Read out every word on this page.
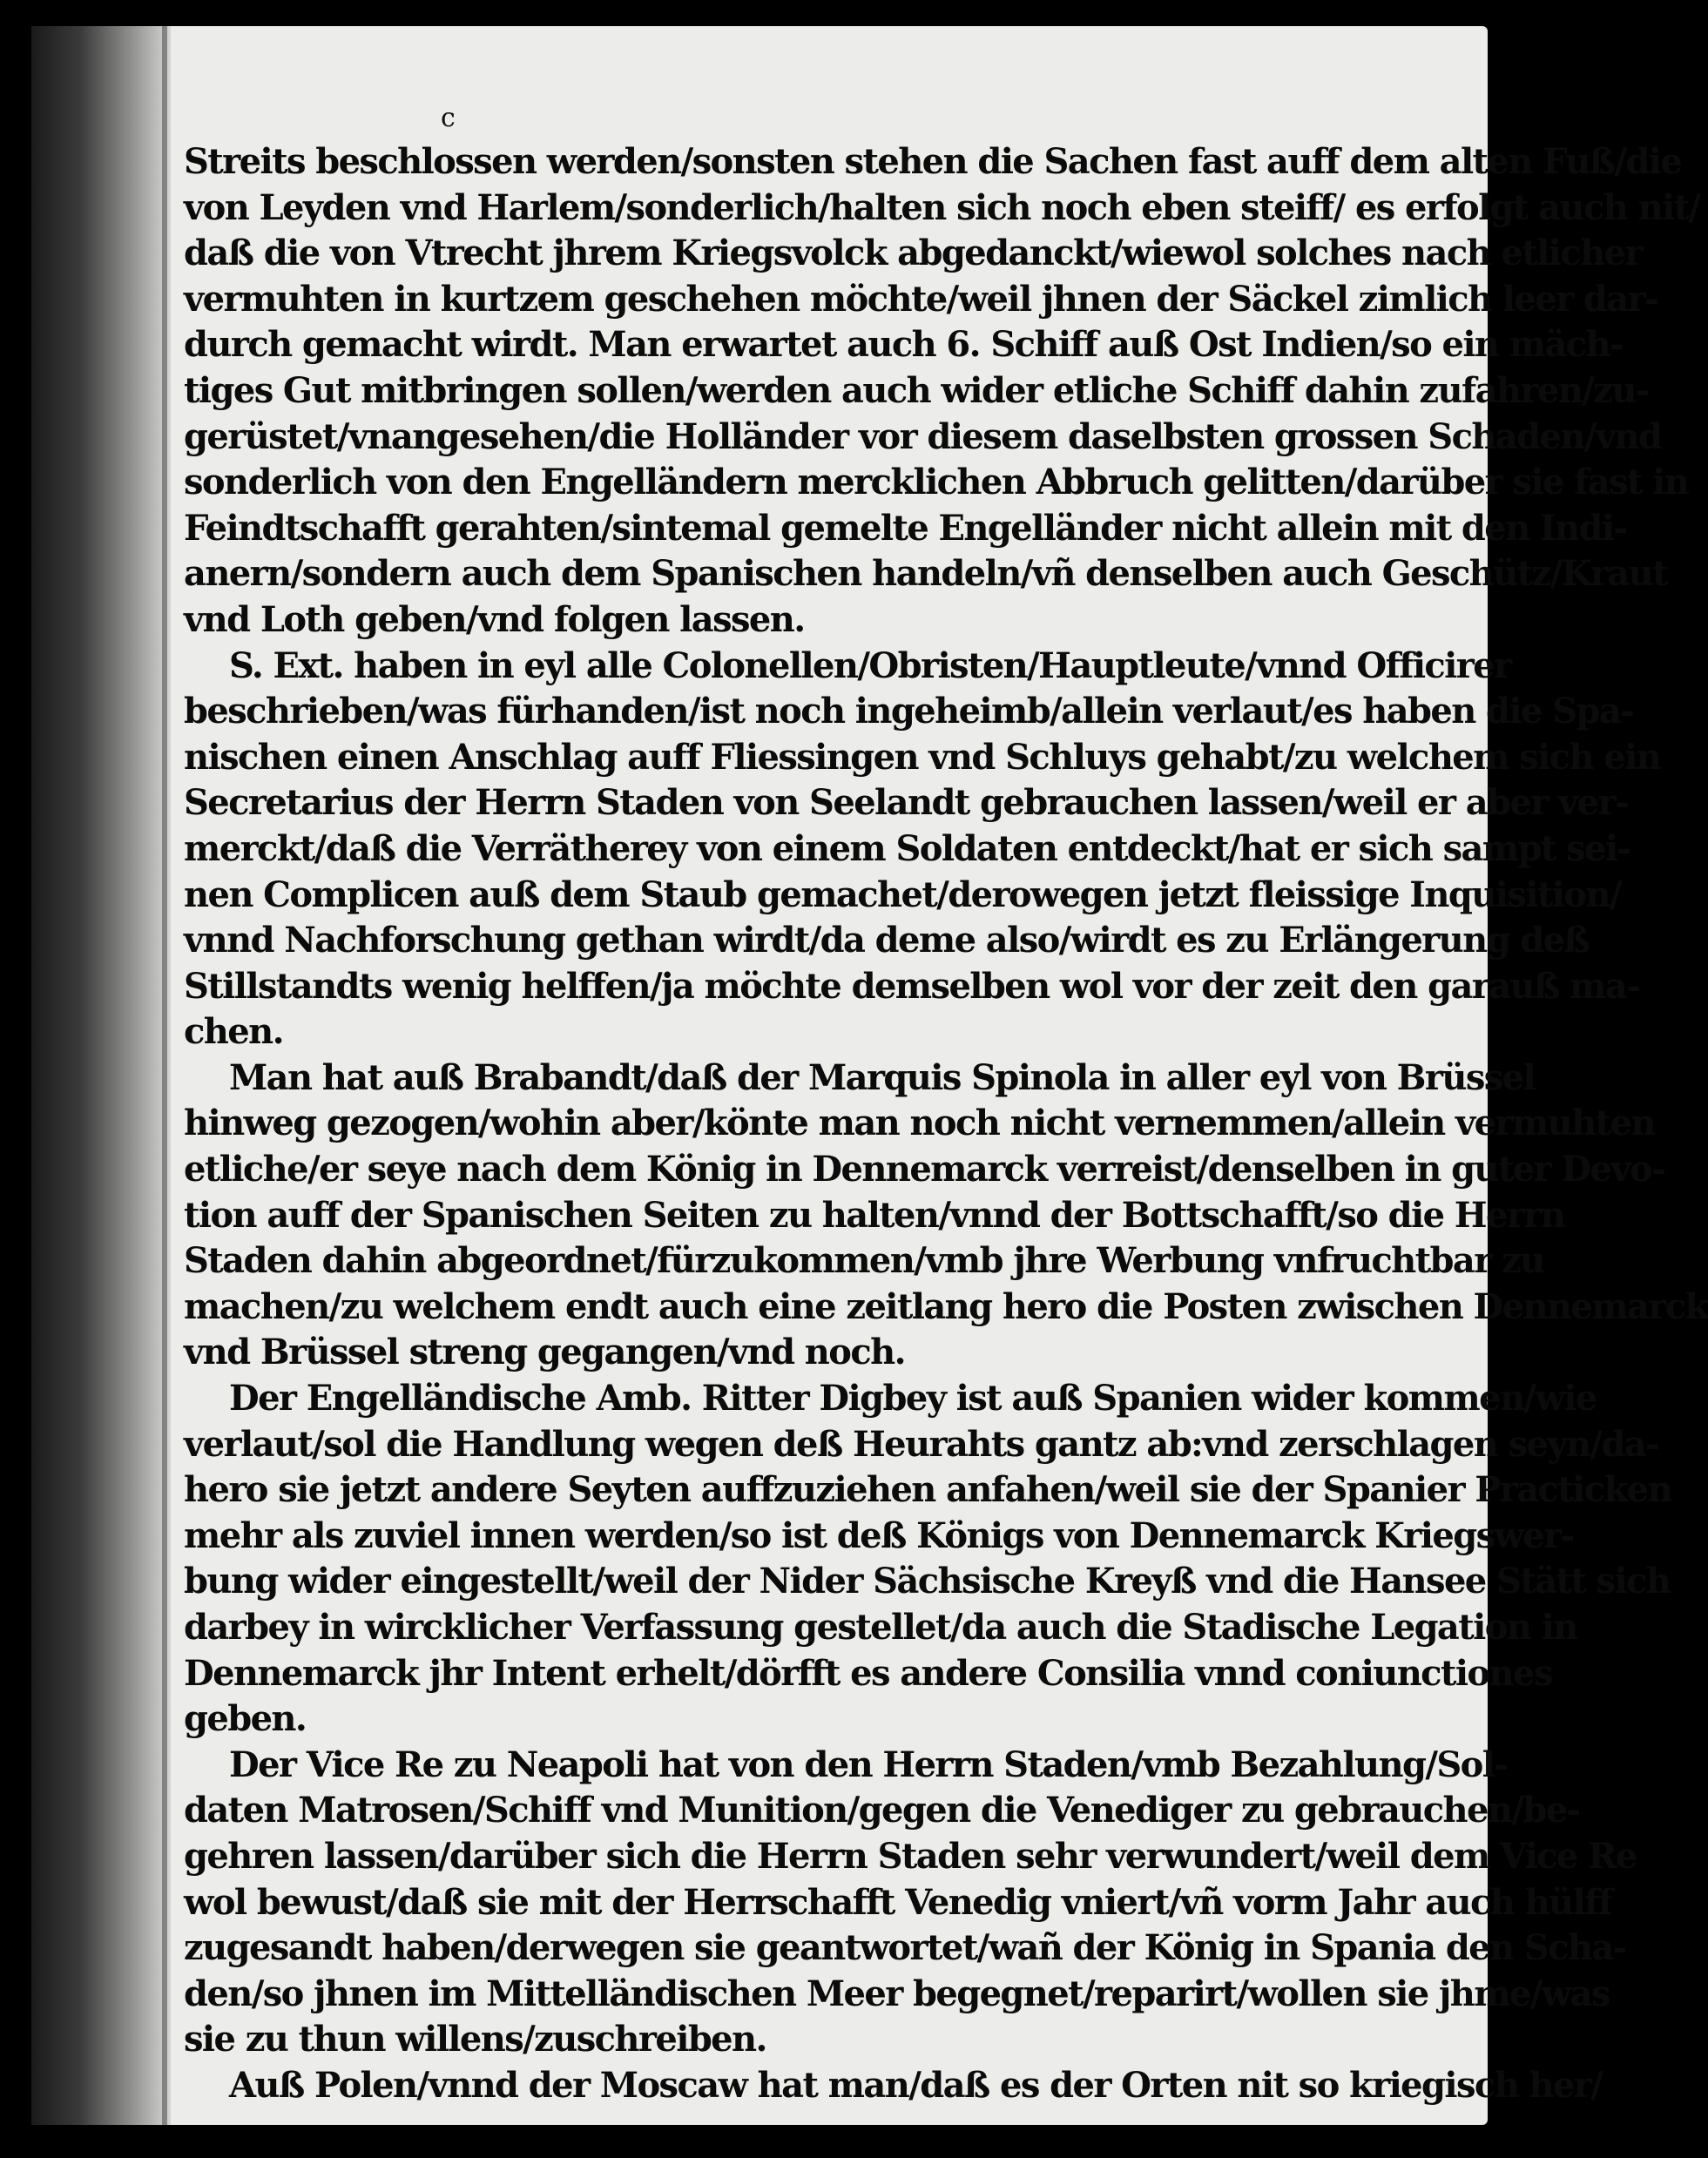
c
Streits beschlossen werden/sonsten stehen die Sachen fast auff dem alten Fuß/die
von Leyden vnd Harlem/sonderlich/halten sich noch eben steiff/ es erfolgt auch nit/
daß die von Vtrecht jhrem Kriegsvolck abgedanckt/wiewol solches nach etlicher
vermuhten in kurtzem geschehen möchte/weil jhnen der Säckel zimlich leer dar-
durch gemacht wirdt. Man erwartet auch 6. Schiff auß Ost Indien/so ein mäch-
tiges Gut mitbringen sollen/werden auch wider etliche Schiff dahin zufahren/zu-
gerüstet/vnangesehen/die Holländer vor diesem daselbsten grossen Schaden/vnd
sonderlich von den Engelländern mercklichen Abbruch gelitten/darüber sie fast in
Feindtschafft gerahten/sintemal gemelte Engelländer nicht allein mit den Indi-
anern/sondern auch dem Spanischen handeln/vñ denselben auch Geschütz/Kraut
vnd Loth geben/vnd folgen lassen.
S. Ext. haben in eyl alle Colonellen/Obristen/Hauptleute/vnnd Officirer
beschrieben/was fürhanden/ist noch ingeheimb/allein verlaut/es haben die Spa-
nischen einen Anschlag auff Fliessingen vnd Schluys gehabt/zu welchem sich ein
Secretarius der Herrn Staden von Seelandt gebrauchen lassen/weil er aber ver-
merckt/daß die Verrätherey von einem Soldaten entdeckt/hat er sich sampt sei-
nen Complicen auß dem Staub gemachet/derowegen jetzt fleissige Inquisition/
vnnd Nachforschung gethan wirdt/da deme also/wirdt es zu Erlängerung deß
Stillstandts wenig helffen/ja möchte demselben wol vor der zeit den garauß ma-
chen.
Man hat auß Brabandt/daß der Marquis Spinola in aller eyl von Brüssel
hinweg gezogen/wohin aber/könte man noch nicht vernemmen/allein vermuhten
etliche/er seye nach dem König in Dennemarck verreist/denselben in guter Devo-
tion auff der Spanischen Seiten zu halten/vnnd der Bottschafft/so die Herrn
Staden dahin abgeordnet/fürzukommen/vmb jhre Werbung vnfruchtbar zu
machen/zu welchem endt auch eine zeitlang hero die Posten zwischen Dennemarck
vnd Brüssel streng gegangen/vnd noch.
Der Engelländische Amb. Ritter Digbey ist auß Spanien wider kommen/wie
verlaut/sol die Handlung wegen deß Heurahts gantz ab:vnd zerschlagen seyn/da-
hero sie jetzt andere Seyten auffzuziehen anfahen/weil sie der Spanier Practicken
mehr als zuviel innen werden/so ist deß Königs von Dennemarck Kriegswer-
bung wider eingestellt/weil der Nider Sächsische Kreyß vnd die Hansee Stätt sich
darbey in wircklicher Verfassung gestellet/da auch die Stadische Legation in
Dennemarck jhr Intent erhelt/dörfft es andere Consilia vnnd coniunctiones
geben.
Der Vice Re zu Neapoli hat von den Herrn Staden/vmb Bezahlung/Sol-
daten Matrosen/Schiff vnd Munition/gegen die Venediger zu gebrauchen/be-
gehren lassen/darüber sich die Herrn Staden sehr verwundert/weil dem Vice Re
wol bewust/daß sie mit der Herrschafft Venedig vniert/vñ vorm Jahr auch hülff
zugesandt haben/derwegen sie geantwortet/wañ der König in Spania den Scha-
den/so jhnen im Mittelländischen Meer begegnet/reparirt/wollen sie jhme/was
sie zu thun willens/zuschreiben.
Auß Polen/vnnd der Moscaw hat man/daß es der Orten nit so kriegisch her/
